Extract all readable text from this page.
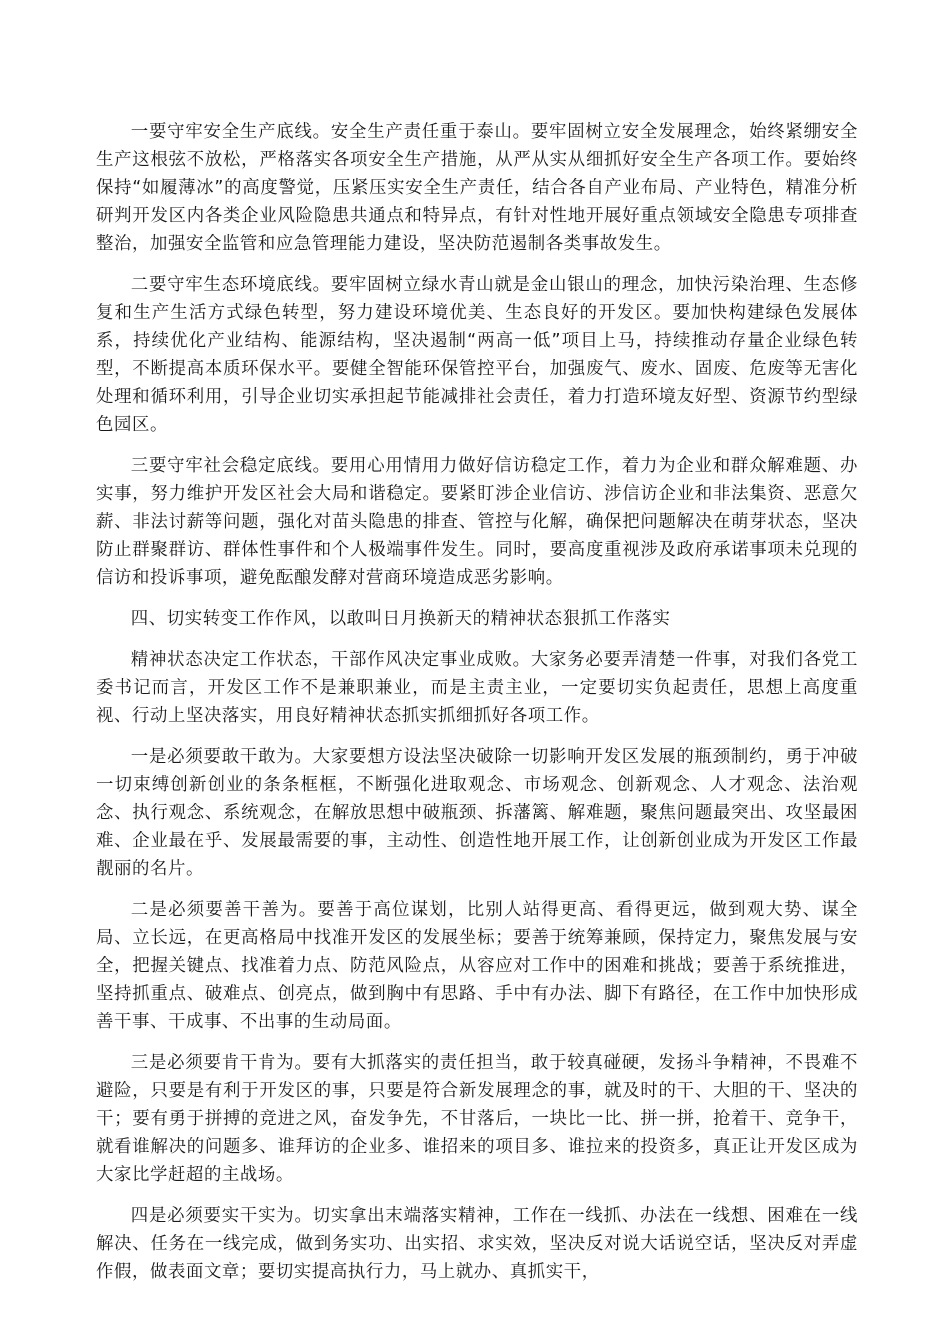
一要守牢安全生产底线。安全生产责任重于泰山。要牢固树立安全发展理念，始终紧绷安全生产这根弦不放松，严格落实各项安全生产措施，从严从实从细抓好安全生产各项工作。要始终保持“如履薄冰”的高度警觉，压紧压实安全生产责任，结合各自产业布局、产业特色，精准分析研判开发区内各类企业风险隐患共通点和特异点，有针对性地开展好重点领域安全隐患专项排查整治，加强安全监管和应急管理能力建设，坚决防范遏制各类事故发生。

二要守牢生态环境底线。要牢固树立绿水青山就是金山银山的理念，加快污染治理、生态修复和生产生活方式绿色转型，努力建设环境优美、生态良好的开发区。要加快构建绿色发展体系，持续优化产业结构、能源结构，坚决遏制“两高一低”项目上马，持续推动存量企业绿色转型，不断提高本质环保水平。要健全智能环保管控平台，加强废气、废水、固废、危废等无害化处理和循环利用，引导企业切实承担起节能减排社会责任，着力打造环境友好型、资源节约型绿色园区。

三要守牢社会稳定底线。要用心用情用力做好信访稳定工作，着力为企业和群众解难题、办实事，努力维护开发区社会大局和谐稳定。要紧盯涉企业信访、涉信访企业和非法集资、恶意欠薪、非法讨薪等问题，强化对苗头隐患的排查、管控与化解，确保把问题解决在萌芽状态，坚决防止群聚群访、群体性事件和个人极端事件发生。同时，要高度重视涉及政府承诺事项未兑现的信访和投诉事项，避免酝酿发酵对营商环境造成恶劣影响。

四、切实转变工作作风，以敢叫日月换新天的精神状态狠抓工作落实

精神状态决定工作状态，干部作风决定事业成败。大家务必要弄清楚一件事，对我们各党工委书记而言，开发区工作不是兼职兼业，而是主责主业，一定要切实负起责任，思想上高度重视、行动上坚决落实，用良好精神状态抓实抓细抓好各项工作。

一是必须要敢干敢为。大家要想方设法坚决破除一切影响开发区发展的瓶颈制约，勇于冲破一切束缚创新创业的条条框框，不断强化进取观念、市场观念、创新观念、人才观念、法治观念、执行观念、系统观念，在解放思想中破瓶颈、拆藩篱、解难题，聚焦问题最突出、攻坚最困难、企业最在乎、发展最需要的事，主动性、创造性地开展工作，让创新创业成为开发区工作最靓丽的名片。

二是必须要善干善为。要善于高位谋划，比别人站得更高、看得更远，做到观大势、谋全局、立长远，在更高格局中找准开发区的发展坐标；要善于统筹兼顾，保持定力，聚焦发展与安全，把握关键点、找准着力点、防范风险点，从容应对工作中的困难和挑战；要善于系统推进，坚持抓重点、破难点、创亮点，做到胸中有思路、手中有办法、脚下有路径，在工作中加快形成善干事、干成事、不出事的生动局面。

三是必须要肯干肯为。要有大抓落实的责任担当，敢于较真碰硬，发扬斗争精神，不畏难不避险，只要是有利于开发区的事，只要是符合新发展理念的事，就及时的干、大胆的干、坚决的干；要有勇于拼搏的竞进之风，奋发争先，不甘落后，一块比一比、拼一拼，抢着干、竞争干，就看谁解决的问题多、谁拜访的企业多、谁招来的项目多、谁拉来的投资多，真正让开发区成为大家比学赶超的主战场。

四是必须要实干实为。切实拿出末端落实精神，工作在一线抓、办法在一线想、困难在一线解决、任务在一线完成，做到务实功、出实招、求实效，坚决反对说大话说空话，坚决反对弄虚作假，做表面文章；要切实提高执行力，马上就办、真抓实干，
